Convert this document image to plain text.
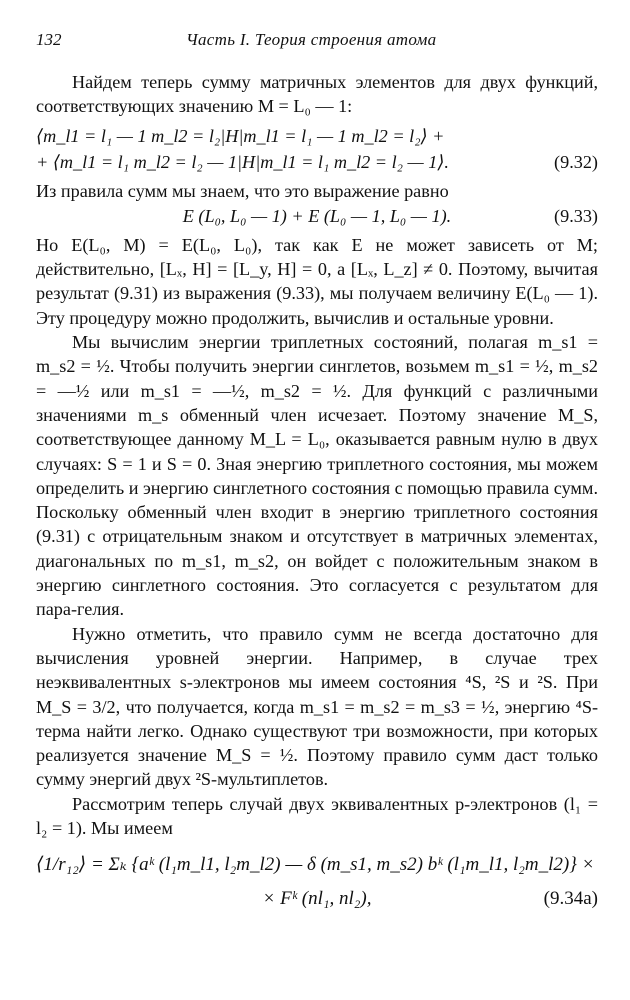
132	Часть I. Теория строения атома

Найдем теперь сумму матричных элементов для двух функций, соответствующих значению M = L₀ — 1:

⟨m_l1 = l₁ — 1 m_l2 = l₂|H|m_l1 = l₁ — 1 m_l2 = l₂⟩ +
+ ⟨m_l1 = l₁ m_l2 = l₂ — 1|H|m_l1 = l₁ m_l2 = l₂ — 1⟩.	(9.32)

Из правила сумм мы знаем, что это выражение равно

E (L₀, L₀ — 1) + E (L₀ — 1, L₀ — 1).	(9.33)

Но E(L₀, M) = E(L₀, L₀), так как E не может зависеть от M; действительно, [Lₓ, H] = [L_y, H] = 0, а [Lₓ, L_z] ≠ 0. Поэтому, вычитая результат (9.31) из выражения (9.33), мы получаем величину E(L₀ — 1). Эту процедуру можно продолжить, вычислив и остальные уровни.

Мы вычислим энергии триплетных состояний, полагая m_s1 = m_s2 = ½. Чтобы получить энергии синглетов, возьмем m_s1 = ½, m_s2 = —½ или m_s1 = —½, m_s2 = ½. Для функций с различными значениями m_s обменный член исчезает. Поэтому значение M_S, соответствующее данному M_L = L₀, оказывается равным нулю в двух случаях: S = 1 и S = 0. Зная энергию триплетного состояния, мы можем определить и энергию синглетного состояния с помощью правила сумм. Поскольку обменный член входит в энергию триплетного состояния (9.31) с отрицательным знаком и отсутствует в матричных элементах, диагональных по m_s1, m_s2, он войдет с положительным знаком в энергию синглетного состояния. Это согласуется с результатом для пара-гелия.

Нужно отметить, что правило сумм не всегда достаточно для вычисления уровней энергии. Например, в случае трех неэквивалентных s-электронов мы имеем состояния ⁴S, ²S и ²S. При M_S = 3/2, что получается, когда m_s1 = m_s2 = m_s3 = ½, энергию ⁴S-терма найти легко. Однако существуют три возможности, при которых реализуется значение M_S = ½. Поэтому правило сумм даст только сумму энергий двух ²S-мультиплетов.

Рассмотрим теперь случай двух эквивалентных p-электронов (l₁ = l₂ = 1). Мы имеем

⟨1/r₁₂⟩ = Σₖ {aᵏ (l₁m_l1, l₂m_l2) — δ (m_s1, m_s2) bᵏ (l₁m_l1, l₂m_l2)} ×
× Fᵏ (nl₁, nl₂),	(9.34а)
